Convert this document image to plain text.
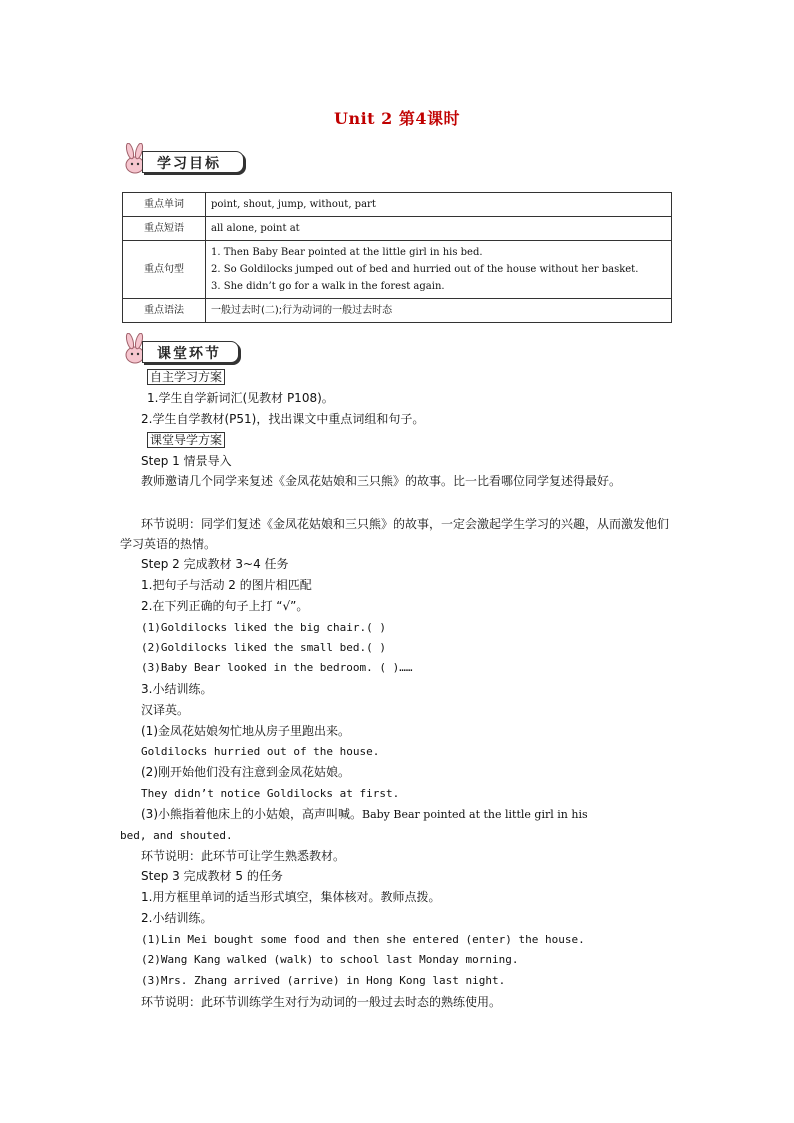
Unit 2 第4课时
学习目标
重点单词	point, shout, jump, without, part

重点短语	all alone, point at

重点句型	1. Then Baby Bear pointed at the little girl in his bed.
2. So Goldilocks jumped out of bed and hurried out of the house without her basket.
3. She didn’t go for a walk in the forest again.

重点语法	一般过去时(二);行为动词的一般过去时态
课堂环节
自主学习方案
1.学生自学新词汇(见教材 P108)。
2.学生自学教材(P51)，找出课文中重点词组和句子。
课堂导学方案
Step 1 情景导入
教师邀请几个同学来复述《金凤花姑娘和三只熊》的故事。比一比看哪位同学复述得最好。
环节说明：同学们复述《金凤花姑娘和三只熊》的故事，一定会激起学生学习的兴趣，从而激发他们学习英语的热情。
Step 2 完成教材 3~4 任务
1.把句子与活动 2 的图片相匹配
2.在下列正确的句子上打 “√”。
(1)Goldilocks liked the big chair.( )
(2)Goldilocks liked the small bed.( )
(3)Baby Bear looked in the bedroom. ( )……
3.小结训练。
汉译英。
(1)金凤花姑娘匆忙地从房子里跑出来。
Goldilocks hurried out of the house.
(2)刚开始他们没有注意到金凤花姑娘。
They didn’t notice Goldilocks at first.
(3)小熊指着他床上的小姑娘，高声叫喊。Baby Bear pointed at the little girl in his
bed, and shouted.
环节说明：此环节可让学生熟悉教材。
Step 3 完成教材 5 的任务
1.用方框里单词的适当形式填空，集体核对。教师点拨。
2.小结训练。
(1)Lin Mei bought some food and then she entered (enter) the house.
(2)Wang Kang walked (walk) to school last Monday morning.
(3)Mrs. Zhang arrived (arrive) in Hong Kong last night.
环节说明：此环节训练学生对行为动词的一般过去时态的熟练使用。
